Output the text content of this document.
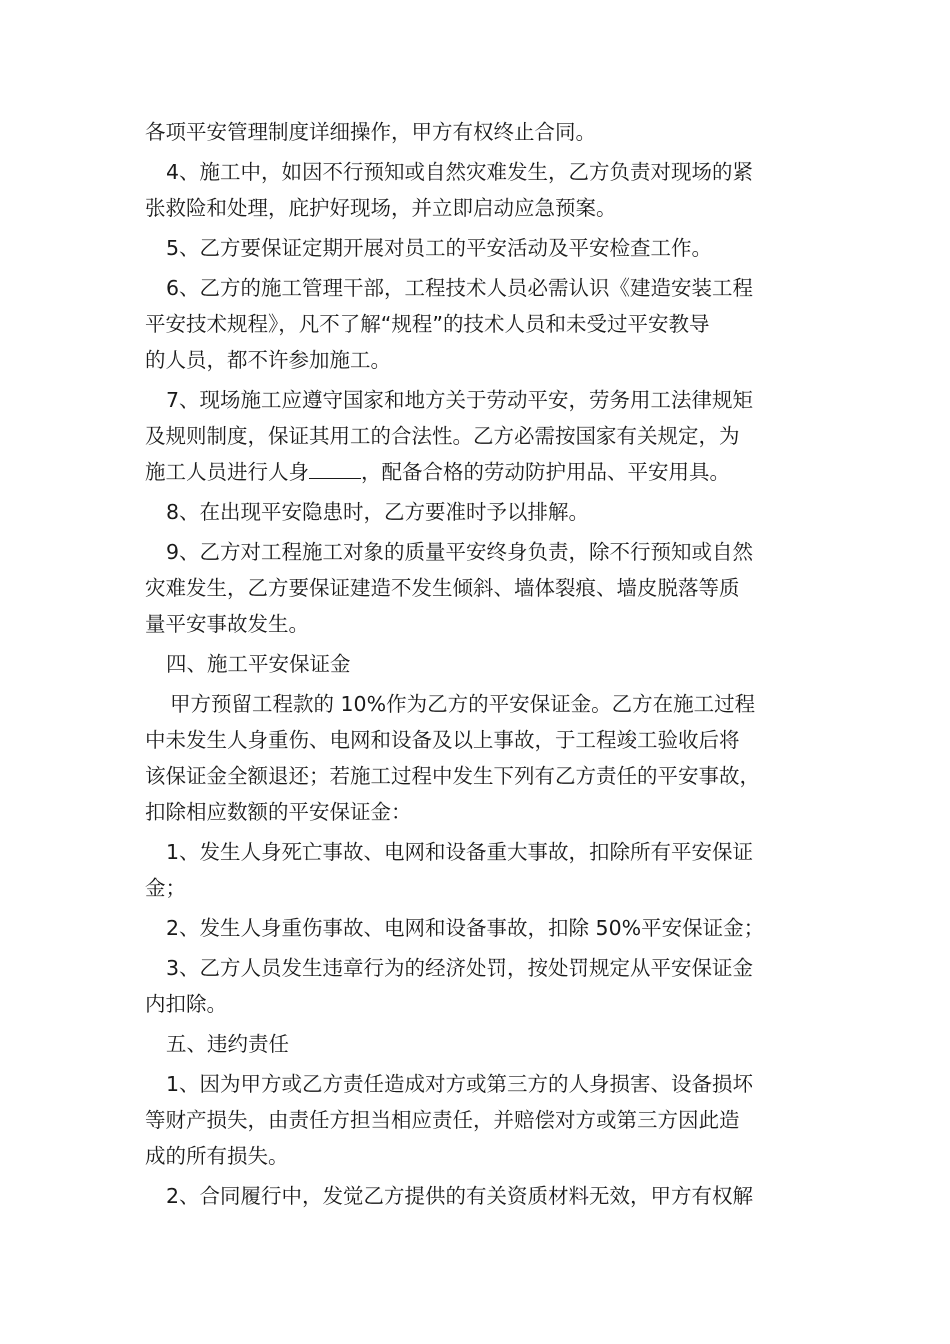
各项平安管理制度详细操作，甲方有权终止合同。
4、施工中，如因不行预知或自然灾难发生，乙方负责对现场的紧
张救险和处理，庇护好现场，并立即启动应急预案。
5、乙方要保证定期开展对员工的平安活动及平安检查工作。
6、乙方的施工管理干部，工程技术人员必需认识《建造安装工程
平安技术规程》，凡不了解“规程”的技术人员和未受过平安教导
的人员，都不许参加施工。
7、现场施工应遵守国家和地方关于劳动平安，劳务用工法律规矩
及规则制度，保证其用工的合法性。乙方必需按国家有关规定，为
施工人员进行人身	，配备合格的劳动防护用品、平安用具。
8、在出现平安隐患时，乙方要准时予以排解。
9、乙方对工程施工对象的质量平安终身负责，除不行预知或自然
灾难发生，乙方要保证建造不发生倾斜、墙体裂痕、墙皮脱落等质
量平安事故发生。
四、施工平安保证金
甲方预留工程款的 10%作为乙方的平安保证金。乙方在施工过程
中未发生人身重伤、电网和设备及以上事故，于工程竣工验收后将
该保证金全额退还；若施工过程中发生下列有乙方责任的平安事故，
扣除相应数额的平安保证金：
1、发生人身死亡事故、电网和设备重大事故，扣除所有平安保证
金；
2、发生人身重伤事故、电网和设备事故，扣除 50%平安保证金；
3、乙方人员发生违章行为的经济处罚，按处罚规定从平安保证金
内扣除。
五、违约责任
1、因为甲方或乙方责任造成对方或第三方的人身损害、设备损坏
等财产损失，由责任方担当相应责任，并赔偿对方或第三方因此造
成的所有损失。
2、合同履行中，发觉乙方提供的有关资质材料无效，甲方有权解
